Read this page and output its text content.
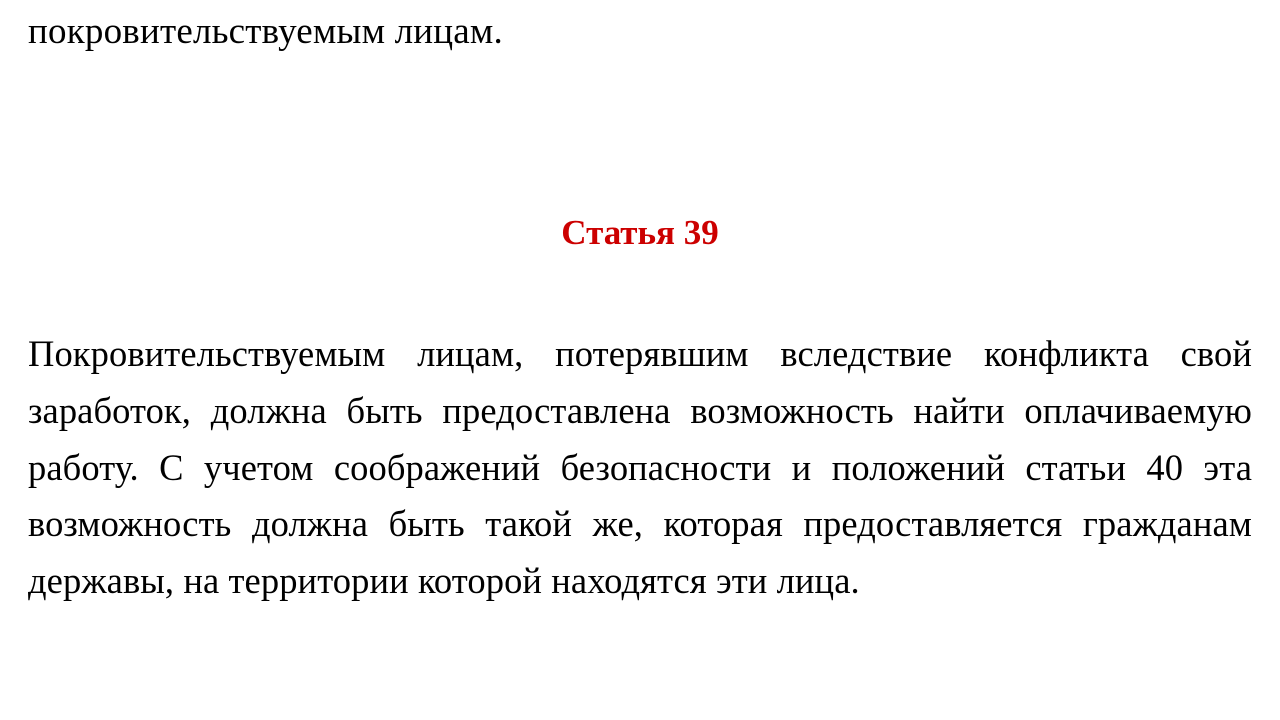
покровительствуемым лицам.

Статья 39

Покровительствуемым лицам, потерявшим вследствие конфликта свой заработок, должна быть предоставлена возможность найти оплачиваемую работу. С учетом соображений безопасности и положений статьи 40 эта возможность должна быть такой же, которая предоставляется гражданам державы, на территории которой находятся эти лица.
